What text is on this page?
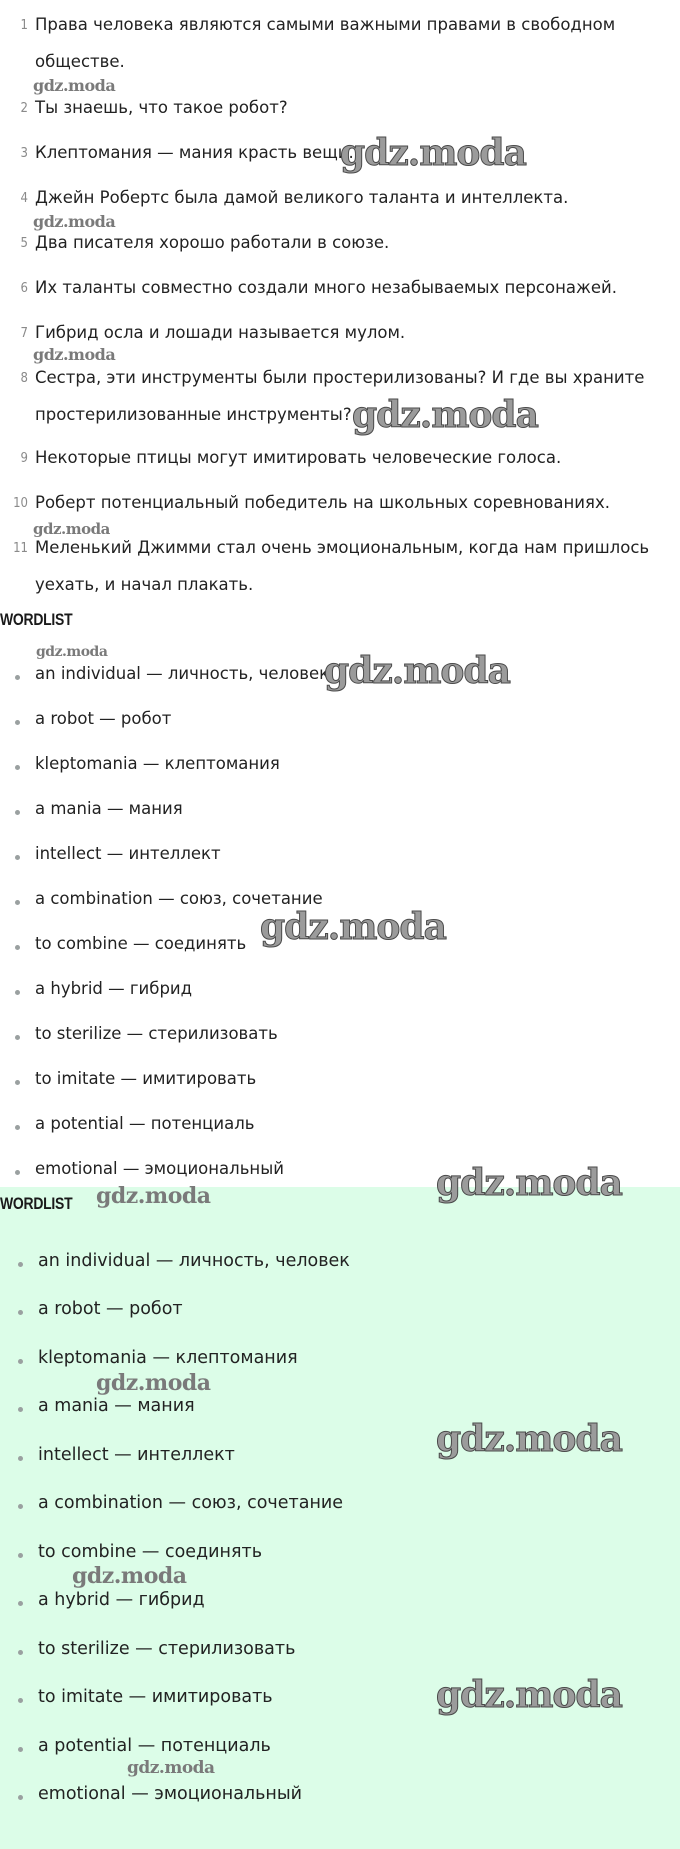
1 Права человека являются самыми важными правами в свободном
обществе.
2 Ты знаешь, что такое робот?
3 Клептомания — мания красть вещи.
4 Джейн Робертс была дамой великого таланта и интеллекта.
5 Два писателя хорошо работали в союзе.
6 Их таланты совместно создали много незабываемых персонажей.
7 Гибрид осла и лошади называется мулом.
8 Сестра, эти инструменты были простерилизованы? И где вы храните
простерилизованные инструменты?
9 Некоторые птицы могут имитировать человеческие голоса.
10 Роберт потенциальный победитель на школьных соревнованиях.
11 Меленький Джимми стал очень эмоциональным, когда нам пришлось
уехать, и начал плакать.
WORDLIST
an individual — личность, человек
a robot — робот
kleptomania — клептомания
a mania — мания
intellect — интеллект
a combination — союз, сочетание
to combine — соединять
a hybrid — гибрид
to sterilize — стерилизовать
to imitate — имитировать
a potential — потенциаль
emotional — эмоциональный
WORDLIST
an individual — личность, человек
a robot — робот
kleptomania — клептомания
a mania — мания
intellect — интеллект
a combination — союз, сочетание
to combine — соединять
a hybrid — гибрид
to sterilize — стерилизовать
to imitate — имитировать
a potential — потенциаль
emotional — эмоциональный
gdz.moda
gdz.moda
gdz.moda
gdz.moda
gdz.moda
gdz.moda
gdz.moda	gdz.moda
gdz.moda
gdz.moda
gdz.moda
gdz.moda
gdz.moda
gdz.moda
gdz.moda
gdz.moda
